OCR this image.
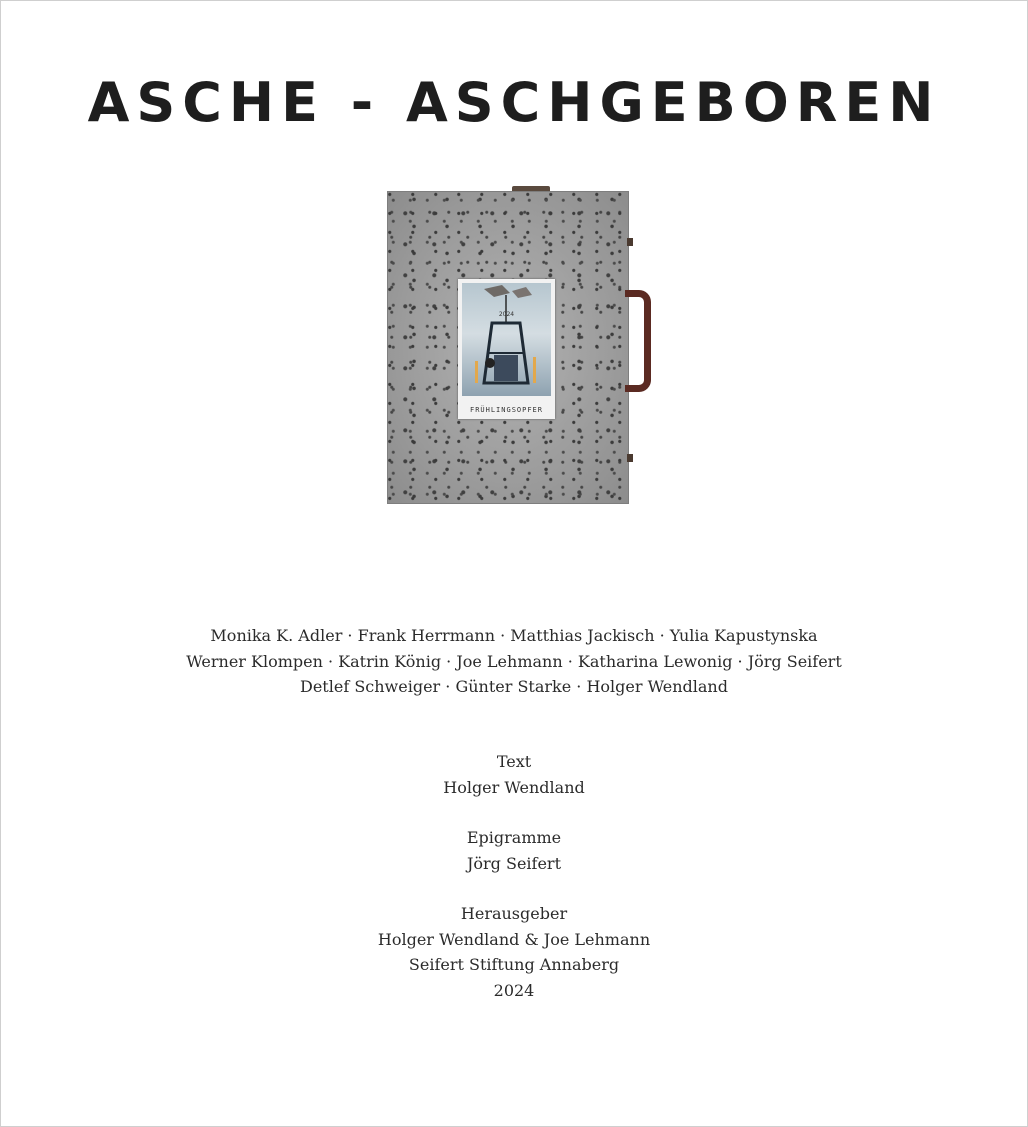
ASCHE - ASCHGEBOREN
2024
FRÜHLINGSOPFER
Monika K. Adler · Frank Herrmann · Matthias Jackisch · Yulia Kapustynska
Werner Klompen · Katrin König · Joe Lehmann · Katharina Lewonig · Jörg Seifert
Detlef Schweiger · Günter Starke · Holger Wendland
Text
Holger Wendland
Epigramme
Jörg Seifert
Herausgeber
Holger Wendland & Joe Lehmann
Seifert Stiftung Annaberg
2024
